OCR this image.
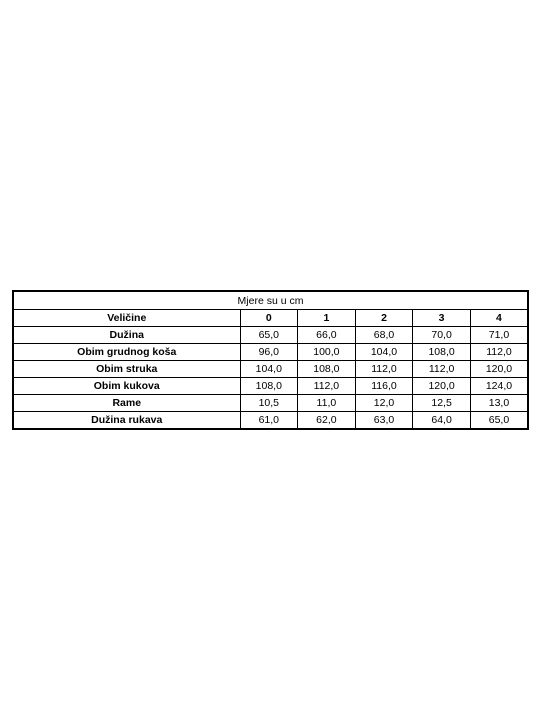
Mjere su u cm					
Veličine	0	1	2	3	4
Dužina	65,0	66,0	68,0	70,0	71,0
Obim grudnog koša	96,0	100,0	104,0	108,0	112,0
Obim struka	104,0	108,0	112,0	112,0	120,0
Obim kukova	108,0	112,0	116,0	120,0	124,0
Rame	10,5	11,0	12,0	12,5	13,0
Dužina rukava	61,0	62,0	63,0	64,0	65,0
